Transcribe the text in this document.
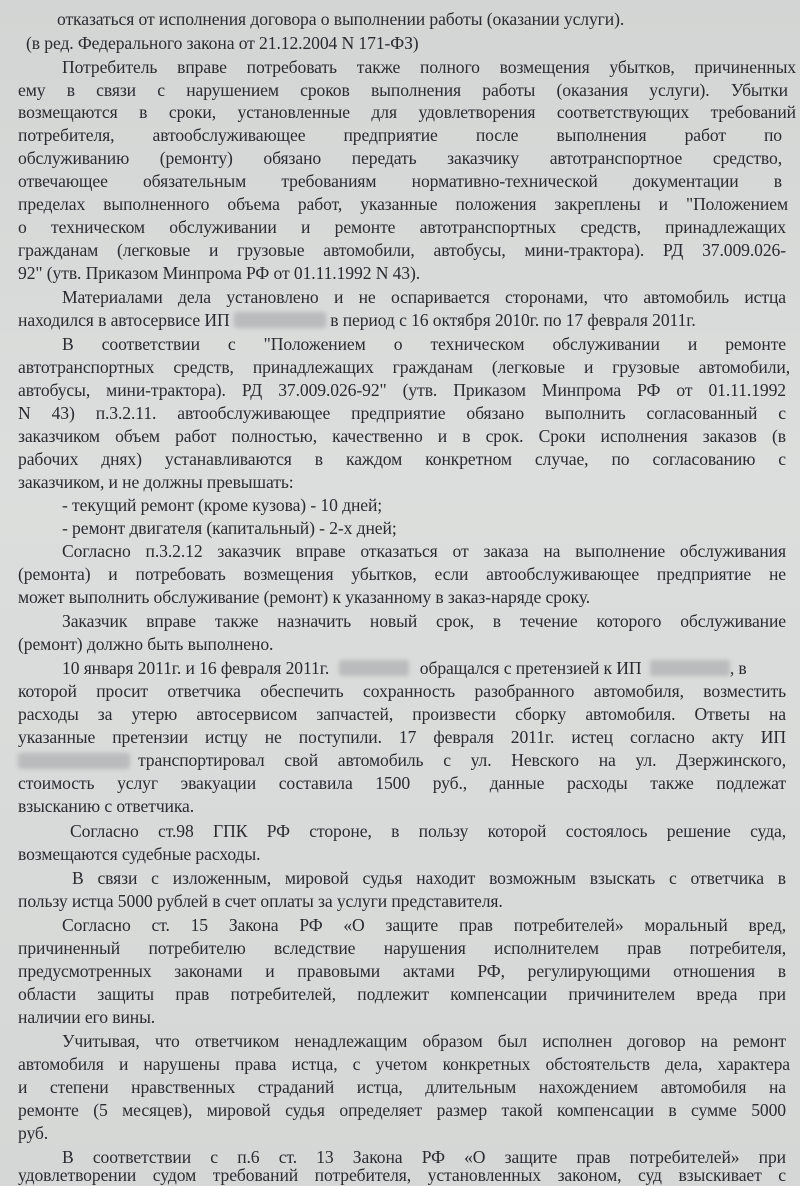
отказаться от исполнения договора о выполнении работы (оказании услуги).
(в ред. Федерального закона от 21.12.2004 N 171-ФЗ)
Потребитель вправе потребовать также полного возмещения убытков, причиненных
ему в связи с нарушением сроков выполнения работы (оказания услуги). Убытки
возмещаются в сроки, установленные для удовлетворения соответствующих требований
потребителя, автообслуживающее предприятие после выполнения работ по
обслуживанию (ремонту) обязано передать заказчику автотранспортное средство,
отвечающее обязательным требованиям нормативно-технической документации в
пределах выполненного объема работ, указанные положения закреплены и "Положением
о техническом обслуживании и ремонте автотранспортных средств, принадлежащих
гражданам (легковые и грузовые автомобили, автобусы, мини-трактора). РД 37.009.026-
92" (утв. Приказом Минпрома РФ от 01.11.1992 N 43).
Материалами дела установлено и не оспаривается сторонами, что автомобиль истца
находился в автосервисе ИП	в период с 16 октября 2010г. по 17 февраля 2011г.
В соответствии с "Положением о техническом обслуживании и ремонте
автотранспортных средств, принадлежащих гражданам (легковые и грузовые автомобили,
автобусы, мини-трактора). РД 37.009.026-92" (утв. Приказом Минпрома РФ от 01.11.1992
N 43) п.3.2.11. автообслуживающее предприятие обязано выполнить согласованный с
заказчиком объем работ полностью, качественно и в срок. Сроки исполнения заказов (в
рабочих днях) устанавливаются в каждом конкретном случае, по согласованию с
заказчиком, и не должны превышать:
- текущий ремонт (кроме кузова) - 10 дней;
- ремонт двигателя (капитальный) - 2-х дней;
Согласно п.3.2.12 заказчик вправе отказаться от заказа на выполнение обслуживания
(ремонта) и потребовать возмещения убытков, если автообслуживающее предприятие не
может выполнить обслуживание (ремонт) к указанному в заказ-наряде сроку.
Заказчик вправе также назначить новый срок, в течение которого обслуживание
(ремонт) должно быть выполнено.
10 января 2011г. и 16 февраля 2011г.	обращался с претензией к ИП	, в
которой просит ответчика обеспечить сохранность разобранного автомобиля, возместить
расходы за утерю автосервисом запчастей, произвести сборку автомобиля. Ответы на
указанные претензии истцу не поступили. 17 февраля 2011г. истец согласно акту ИП
транспортировал свой автомобиль с ул. Невского на ул. Дзержинского,
стоимость услуг эвакуации составила 1500 руб., данные расходы также подлежат
взысканию с ответчика.
Согласно ст.98 ГПК РФ стороне, в пользу которой состоялось решение суда,
возмещаются судебные расходы.
В связи с изложенным, мировой судья находит возможным взыскать с ответчика в
пользу истца 5000 рублей в счет оплаты за услуги представителя.
Согласно ст. 15 Закона РФ «О защите прав потребителей» моральный вред,
причиненный потребителю вследствие нарушения исполнителем прав потребителя,
предусмотренных законами и правовыми актами РФ, регулирующими отношения в
области защиты прав потребителей, подлежит компенсации причинителем вреда при
наличии его вины.
Учитывая, что ответчиком ненадлежащим образом был исполнен договор на ремонт
автомобиля и нарушены права истца, с учетом конкретных обстоятельств дела, характера
и степени нравственных страданий истца, длительным нахождением автомобиля на
ремонте (5 месяцев), мировой судья определяет размер такой компенсации в сумме 5000
руб.
В соответствии с п.6 ст. 13 Закона РФ «О защите прав потребителей» при
удовлетворении судом требований потребителя, установленных законом, суд взыскивает с
